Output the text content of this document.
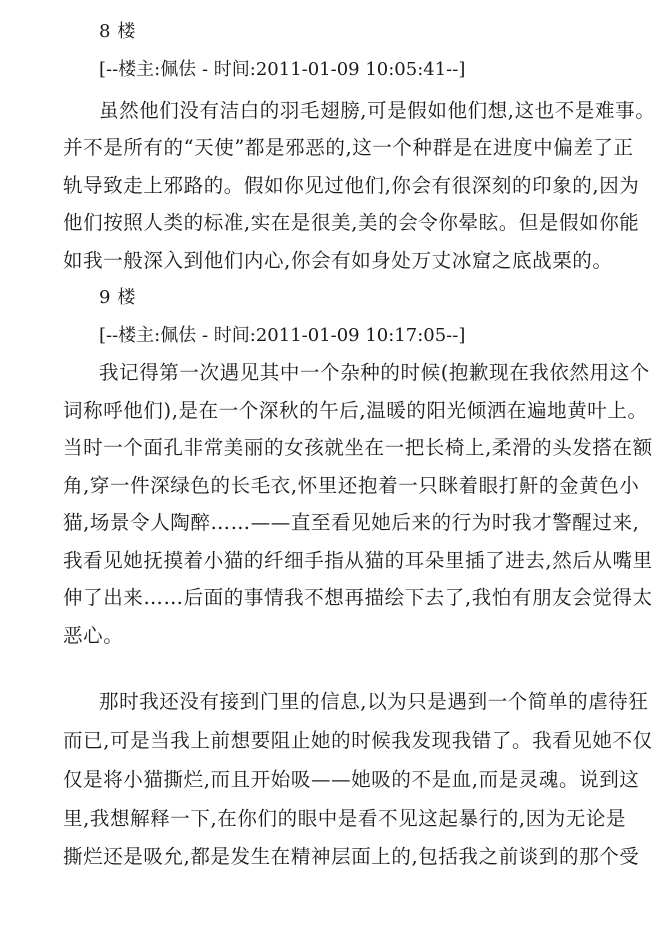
8 楼
[--楼主:佩佉 - 时间:2011-01-09 10:05:41--]
虽然他们没有洁白的羽毛翅膀,可是假如他们想,这也不是难事。
并不是所有的“天使”都是邪恶的,这一个种群是在进度中偏差了正
轨导致走上邪路的。假如你见过他们,你会有很深刻的印象的,因为
他们按照人类的标准,实在是很美,美的会令你晕眩。但是假如你能
如我一般深入到他们内心,你会有如身处万丈冰窟之底战栗的。
9 楼
[--楼主:佩佉 - 时间:2011-01-09 10:17:05--]
我记得第一次遇见其中一个杂种的时候(抱歉现在我依然用这个
词称呼他们),是在一个深秋的午后,温暖的阳光倾洒在遍地黄叶上。
当时一个面孔非常美丽的女孩就坐在一把长椅上,柔滑的头发搭在额
角,穿一件深绿色的长毛衣,怀里还抱着一只眯着眼打鼾的金黄色小
猫,场景令人陶醉……——直至看见她后来的行为时我才警醒过来,
我看见她抚摸着小猫的纤细手指从猫的耳朵里插了进去,然后从嘴里
伸了出来……后面的事情我不想再描绘下去了,我怕有朋友会觉得太
恶心。
那时我还没有接到门里的信息,以为只是遇到一个简单的虐待狂
而已,可是当我上前想要阻止她的时候我发现我错了。我看见她不仅
仅是将小猫撕烂,而且开始吸——她吸的不是血,而是灵魂。说到这
里,我想解释一下,在你们的眼中是看不见这起暴行的,因为无论是
撕烂还是吸允,都是发生在精神层面上的,包括我之前谈到的那个受
